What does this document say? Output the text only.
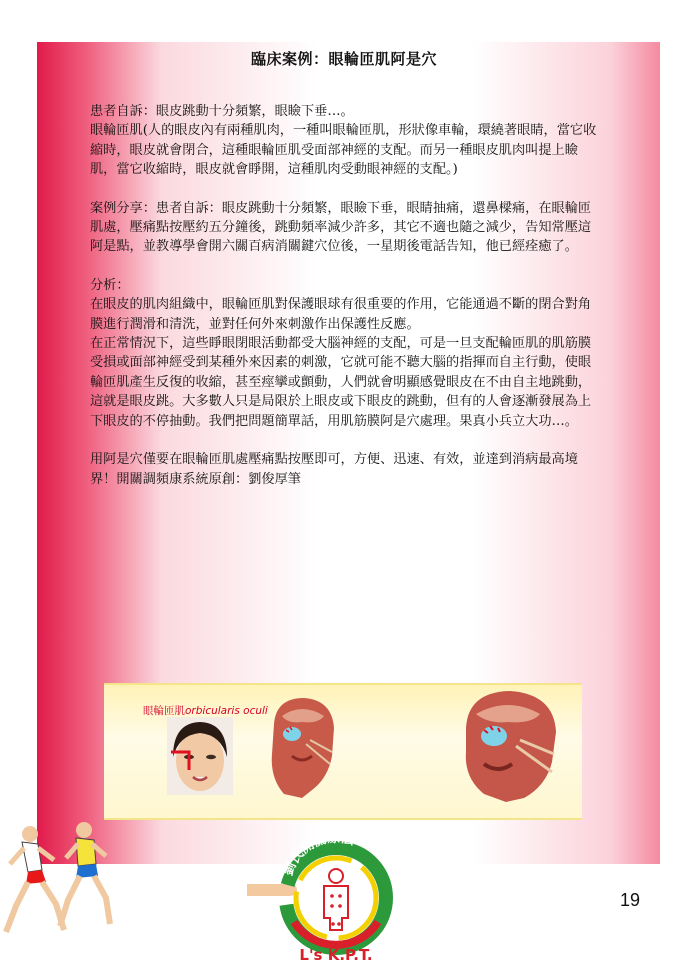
臨床案例：眼輪匝肌阿是穴

患者自訴：眼皮跳動十分頻繁，眼瞼下垂…。

眼輪匝肌(人的眼皮內有兩種肌肉，一種叫眼輪匝肌，形狀像車輪，環繞著眼睛，當它收縮時，眼皮就會閉合，這種眼輪匝肌受面部神經的支配。而另一種眼皮肌肉叫提上瞼肌，當它收縮時，眼皮就會睜開，這種肌肉受動眼神經的支配。)

案例分享：患者自訴：眼皮跳動十分頻繁，眼瞼下垂，眼睛抽痛，還鼻樑痛，在眼輪匝肌處，壓痛點按壓約五分鐘後，跳動頻率減少許多，其它不適也隨之減少，告知常壓這阿是點，並教導學會開六關百病消關鍵穴位後，一星期後電話告知，他已經痊癒了。

分析：

在眼皮的肌肉組織中，眼輪匝肌對保護眼球有很重要的作用，它能通過不斷的閉合對角膜進行潤滑和清洗，並對任何外來刺激作出保護性反應。

在正常情況下，這些睜眼閉眼活動都受大腦神經的支配，可是一旦支配輪匝肌的肌筋膜受損或面部神經受到某種外來因素的刺激，它就可能不聽大腦的指揮而自主行動，使眼輪匝肌產生反復的收縮，甚至痙攣或顫動，人們就會明顯感覺眼皮在不由自主地跳動，這就是眼皮跳。大多數人只是局限於上眼皮或下眼皮的跳動，但有的人會逐漸發展為上下眼皮的不停抽動。我們把問題簡單話，用肌筋膜阿是穴處理。果真小兵立大功…。

用阿是穴僅要在眼輪匝肌處壓痛點按壓即可，方便、迅速、有效，並達到消病最高境界！開關調頻康系統原創：劉俊厚筆

眼輪匝肌orbicularis oculi
劉氏開關療法
L's K.P.T.
19
